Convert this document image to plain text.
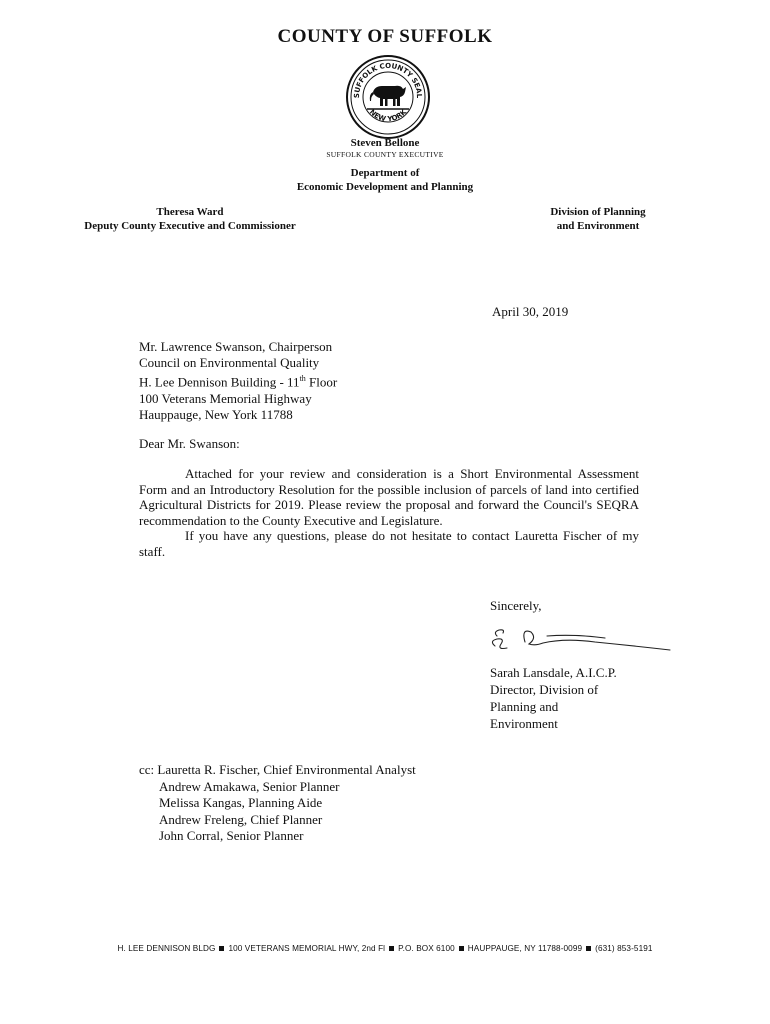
COUNTY OF SUFFOLK
SUFFOLK COUNTY SEAL
NEW YORK
Steven Bellone
SUFFOLK COUNTY EXECUTIVE
Department of
Economic Development and Planning
Theresa Ward
Deputy County Executive and Commissioner
Division of Planning
and Environment
April 30, 2019
Mr. Lawrence Swanson, Chairperson
Council on Environmental Quality
H. Lee Dennison Building - 11th Floor
100 Veterans Memorial Highway
Hauppauge, New York 11788
Dear Mr. Swanson:

Attached for your review and consideration is a Short Environmental Assessment Form and an Introductory Resolution for the possible inclusion of parcels of land into certified Agricultural Districts for 2019. Please review the proposal and forward the Council's SEQRA recommendation to the County Executive and Legislature.

If you have any questions, please do not hesitate to contact Lauretta Fischer of my staff.

Sincerely,
Sarah Lansdale, A.I.C.P.
Director, Division of
Planning and
Environment
cc: Lauretta R. Fischer, Chief Environmental Analyst
Andrew Amakawa, Senior Planner
Melissa Kangas, Planning Aide
Andrew Freleng, Chief Planner
John Corral, Senior Planner
H. LEE DENNISON BLDG 100 VETERANS MEMORIAL HWY, 2nd Fl P.O. BOX 6100 HAUPPAUGE, NY 11788-0099 (631) 853-5191
